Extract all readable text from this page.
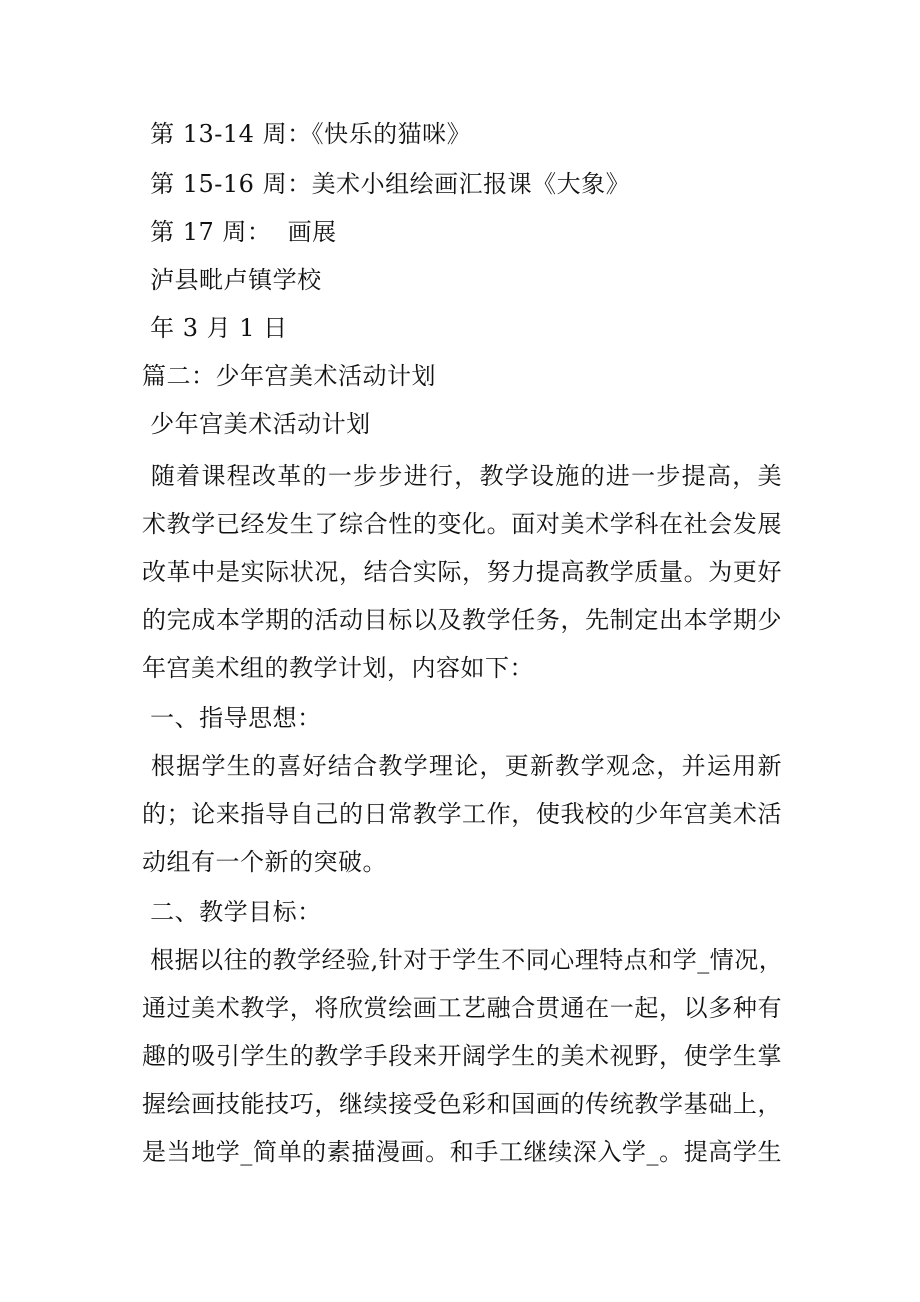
第 13-14 周：《快乐的猫咪》
第 15-16 周：美术小组绘画汇报课《大象》
第 17 周：  画展
泸县毗卢镇学校
年 3 月 1 日
篇二：少年宫美术活动计划
少年宫美术活动计划
随着课程改革的一步步进行，教学设施的进一步提高，美
术教学已经发生了综合性的变化。面对美术学科在社会发展
改革中是实际状况，结合实际，努力提高教学质量。为更好
的完成本学期的活动目标以及教学任务，先制定出本学期少
年宫美术组的教学计划，内容如下：
一、指导思想：
根据学生的喜好结合教学理论，更新教学观念，并运用新
的；论来指导自己的日常教学工作，使我校的少年宫美术活
动组有一个新的突破。
二、教学目标：
根据以往的教学经验,针对于学生不同心理特点和学_情况，
通过美术教学，将欣赏绘画工艺融合贯通在一起，以多种有
趣的吸引学生的教学手段来开阔学生的美术视野，使学生掌
握绘画技能技巧，继续接受色彩和国画的传统教学基础上，
是当地学_简单的素描漫画。和手工继续深入学_。提高学生
